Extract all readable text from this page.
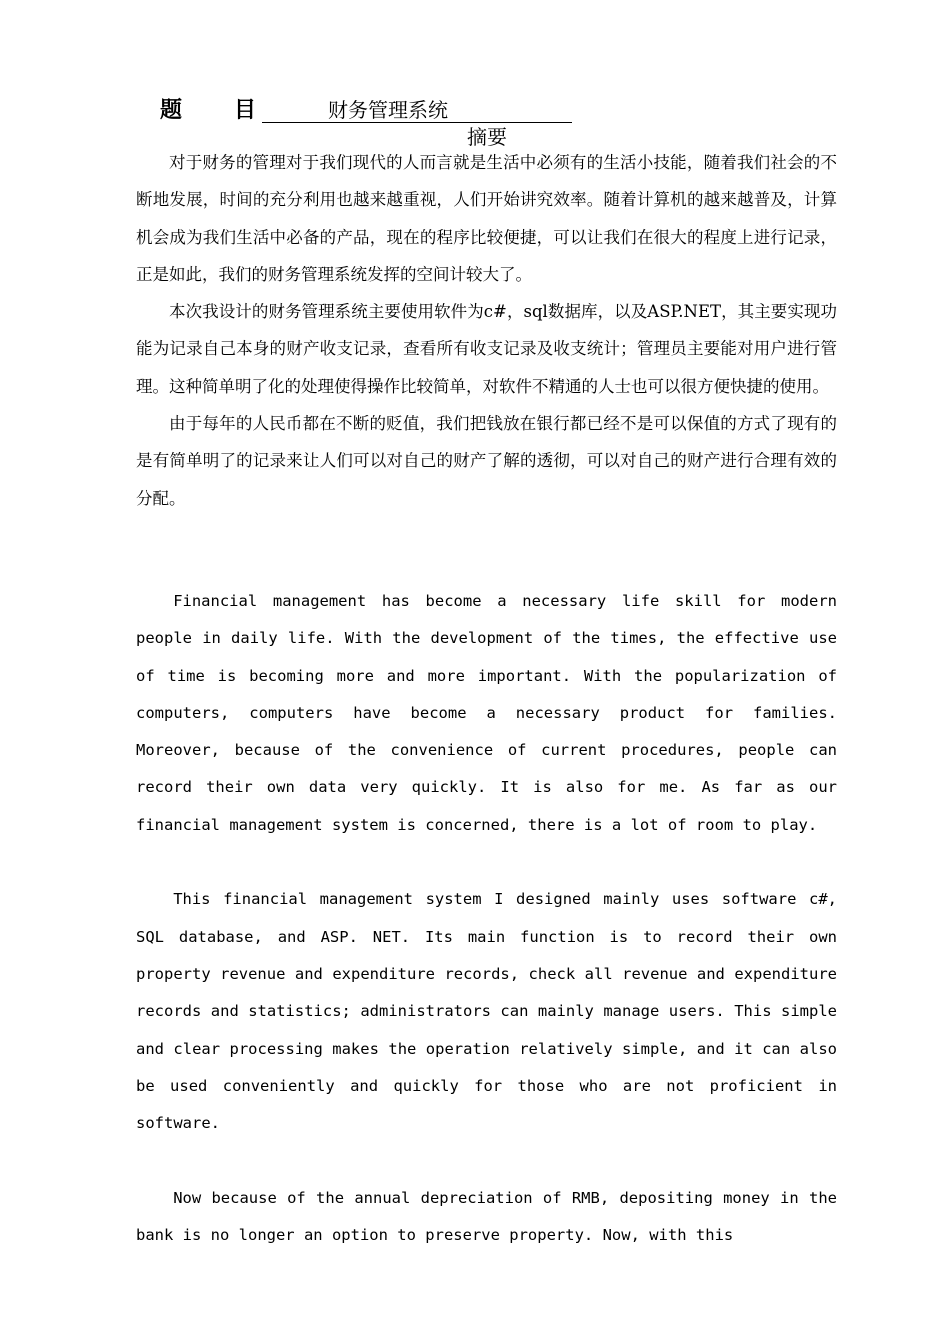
题 目	财务管理系统
摘要

对于财务的管理对于我们现代的人而言就是生活中必须有的生活小技能，随着我们社会的不断地发展，时间的充分利用也越来越重视，人们开始讲究效率。随着计算机的越来越普及，计算机会成为我们生活中必备的产品，现在的程序比较便捷，可以让我们在很大的程度上进行记录，正是如此，我们的财务管理系统发挥的空间计较大了。

本次我设计的财务管理系统主要使用软件为c#，sql数据库，以及ASP.NET，其主要实现功能为记录自己本身的财产收支记录，查看所有收支记录及收支统计；管理员主要能对用户进行管理。这种简单明了化的处理使得操作比较简单，对软件不精通的人士也可以很方便快捷的使用。

由于每年的人民币都在不断的贬值，我们把钱放在银行都已经不是可以保值的方式了现有的是有简单明了的记录来让人们可以对自己的财产了解的透彻，可以对自己的财产进行合理有效的分配。

Financial management has become a necessary life skill for modern people in daily life. With the development of the times, the effective use of time is becoming more and more important. With the popularization of computers, computers have become a necessary product for families. Moreover, because of the convenience of current procedures, people can record their own data very quickly. It is also for me. As far as our financial management system is concerned, there is a lot of room to play.

This financial management system I designed mainly uses software c#, SQL database, and ASP. NET. Its main function is to record their own property revenue and expenditure records, check all revenue and expenditure records and statistics; administrators can mainly manage users. This simple and clear processing makes the operation relatively simple, and it can also be used conveniently and quickly for those who are not proficient in software.

Now because of the annual depreciation of RMB, depositing money in the bank is no longer an option to preserve property. Now, with this
